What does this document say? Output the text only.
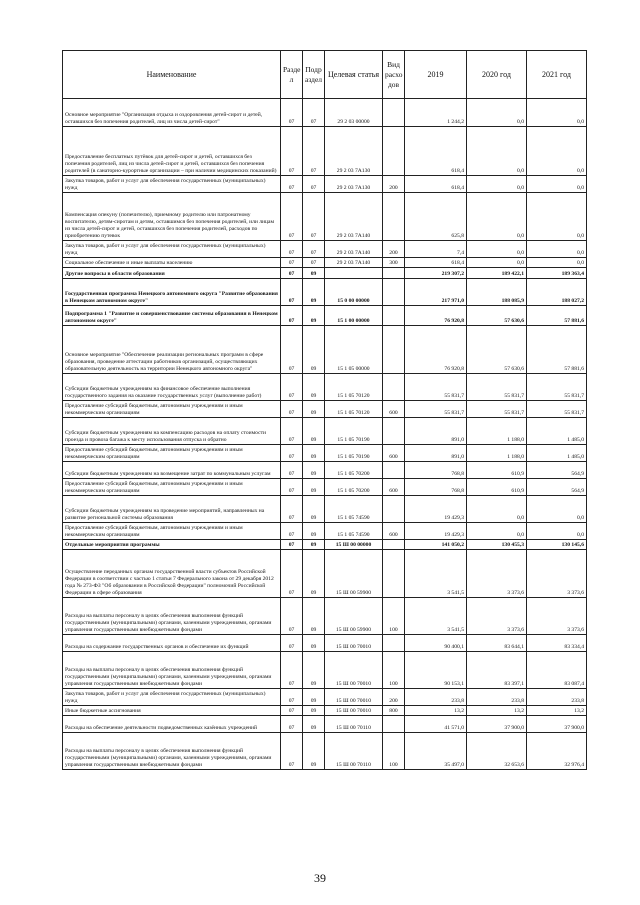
Наименование	Разде л	Подр аздел	Целевая статья	Вид расхо дов	2019	2020 год	2021 год
Основное мероприятие "Организация отдыха и оздоровления детей-сирот и детей, оставшихся без попечения родителей, лиц из числа детей-сирот"	07	07	29 2 03 00000		1 244,2	0,0	0,0
Предоставление бесплатных путёвок для детей-сирот и детей, оставшихся без попечения родителей, лиц из числа детей-сирот и детей, оставшихся без попечения родителей (в санаторно-курортные организации – при наличии медицинских показаний)	07	07	29 2 03 7А130		618,4	0,0	0,0
Закупка товаров, работ и услуг для обеспечения государственных (муниципальных) нужд	07	07	29 2 03 7А130	200	618,4	0,0	0,0
Компенсация опекуну (попечителю), приемному родителю или патронатному воспитателю, детям-сиротам и детям, оставшимся без попечения родителей, или лицам из числа детей-сирот и детей, оставшихся без попечения родителей, расходов по приобретению путевок	07	07	29 2 03 7А140		625,8	0,0	0,0
Закупка товаров, работ и услуг для обеспечения государственных (муниципальных) нужд	07	07	29 2 03 7А140	200	7,4	0,0	0,0
Социальное обеспечение и иные выплаты населению	07	07	29 2 03 7А140	300	618,4	0,0	0,0
Другие вопросы в области образования	07	09			219 307,2	189 422,1	189 363,4
Государственная программа Ненецкого автономного округа "Развитие образования в Ненецком автономном округе"	07	09	15 0 00 00000		217 971,0	188 085,9	188 027,2
Подпрограмма 1 "Развитие и совершенствование системы образования в Ненецком автономном округе"	07	09	15 1 00 00000		76 920,8	57 630,6	57 881,6
Основное мероприятие "Обеспечение реализации региональных программ в сфере образования, проведение аттестации работников организаций, осуществляющих образовательную деятельность на территории Ненецкого автономного округа"	07	09	15 1 05 00000		76 920,8	57 630,6	57 881,6
Субсидии бюджетным учреждениям на финансовое обеспечение выполнения государственного задания на оказание государственных услуг (выполнение работ)	07	09	15 1 05 70120		55 831,7	55 831,7	55 831,7
Предоставление субсидий бюджетным, автономным учреждениям и иным некоммерческим организациям	07	09	15 1 05 70120	600	55 831,7	55 831,7	55 831,7
Субсидии бюджетным учреждениям на компенсацию расходов на оплату стоимости проезда и провоза багажа к месту использования отпуска и обратно	07	09	15 1 05 70190		891,0	1 188,0	1 485,0
Предоставление субсидий бюджетным, автономным учреждениям и иным некоммерческим организациям	07	09	15 1 05 70190	600	891,0	1 188,0	1 485,0
Субсидии бюджетным учреждениям на возмещение затрат по коммунальным услугам	07	09	15 1 05 70200		768,8	610,9	564,9
Предоставление субсидий бюджетным, автономным учреждениям и иным некоммерческим организациям	07	09	15 1 05 70200	600	768,8	610,9	564,9
Субсидии бюджетным учреждениям на проведение мероприятий, направленных на развитие региональной системы образования	07	09	15 1 05 74590		19 429,3	0,0	0,0
Предоставление субсидий бюджетным, автономным учреждениям и иным некоммерческим организациям	07	09	15 1 05 74590	600	19 429,3	0,0	0,0
Отдельные мероприятия программы	07	09	15 Ш 00 00000		141 050,2	130 455,3	130 145,6
Осуществление переданных органам государственной власти субъектов Российской Федерации в соответствии с частью 1 статьи 7 Федерального закона от 29 декабря 2012 года № 273-ФЗ "Об образовании в Российской Федерации" полномочий Российской Федерации в сфере образования	07	09	15 Ш 00 59900		3 541,5	3 373,6	3 373,6
Расходы на выплаты персоналу в целях обеспечения выполнения функций государственными (муниципальными) органами, казенными учреждениями, органами управления государственными внебюджетными фондами	07	09	15 Ш 00 59900	100	3 541,5	3 373,6	3 373,6
Расходы на содержание государственных органов и обеспечение их функций	07	09	15 Ш 00 70010		90 400,1	83 644,1	83 334,4
Расходы на выплаты персоналу в целях обеспечения выполнения функций государственными (муниципальными) органами, казенными учреждениями, органами управления государственными внебюджетными фондами	07	09	15 Ш 00 70010	100	90 153,1	83 397,1	83 087,4
Закупка товаров, работ и услуг для обеспечения государственных (муниципальных) нужд	07	09	15 Ш 00 70010	200	233,8	233,8	233,8
Иные бюджетные ассигнования	07	09	15 Ш 00 70010	800	13,2	13,2	13,2
Расходы на обеспечение деятельности подведомственных казённых учреждений	07	09	15 Ш 00 70110		41 571,0	37 900,0	37 900,0
Расходы на выплаты персоналу в целях обеспечения выполнения функций государственными (муниципальными) органами, казенными учреждениями, органами управления государственными внебюджетными фондами	07	09	15 Ш 00 70110	100	35 497,0	32 653,6	32 976,4
39
